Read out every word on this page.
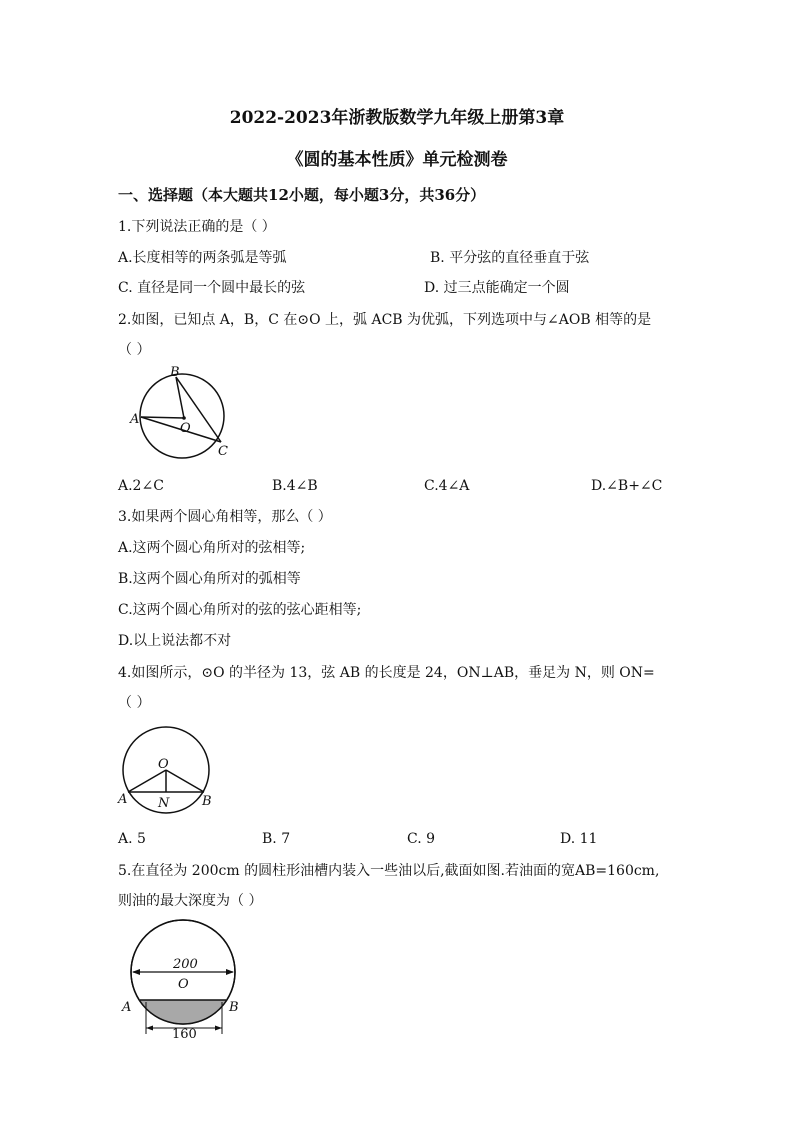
2022-2023年浙教版数学九年级上册第3章
《圆的基本性质》单元检测卷
一、选择题（本大题共12小题，每小题3分，共36分）
1.下列说法正确的是（ ）
A.长度相等的两条弧是等弧	B. 平分弦的直径垂直于弦
C. 直径是同一个圆中最长的弦	D. 过三点能确定一个圆
2.如图，已知点 A，B，C 在⊙O 上，弧 ACB 为优弧，下列选项中与∠AOB 相等的是
（ ）
B
A
O
C
A.2∠C	B.4∠B	C.4∠A	D.∠B+∠C
3.如果两个圆心角相等，那么（ ）
A.这两个圆心角所对的弦相等;
B.这两个圆心角所对的弧相等
C.这两个圆心角所对的弦的弦心距相等;
D.以上说法都不对
4.如图所示，⊙O 的半径为 13，弦 AB 的长度是 24，ON⊥AB，垂足为 N，则 ON=
（ ）
O
A N	B
A. 5	B. 7	C. 9	D. 11
5.在直径为 200cm 的圆柱形油槽内装入一些油以后,截面如图.若油面的宽AB=160cm,
则油的最大深度为（ ）
200
O
A	B
160
